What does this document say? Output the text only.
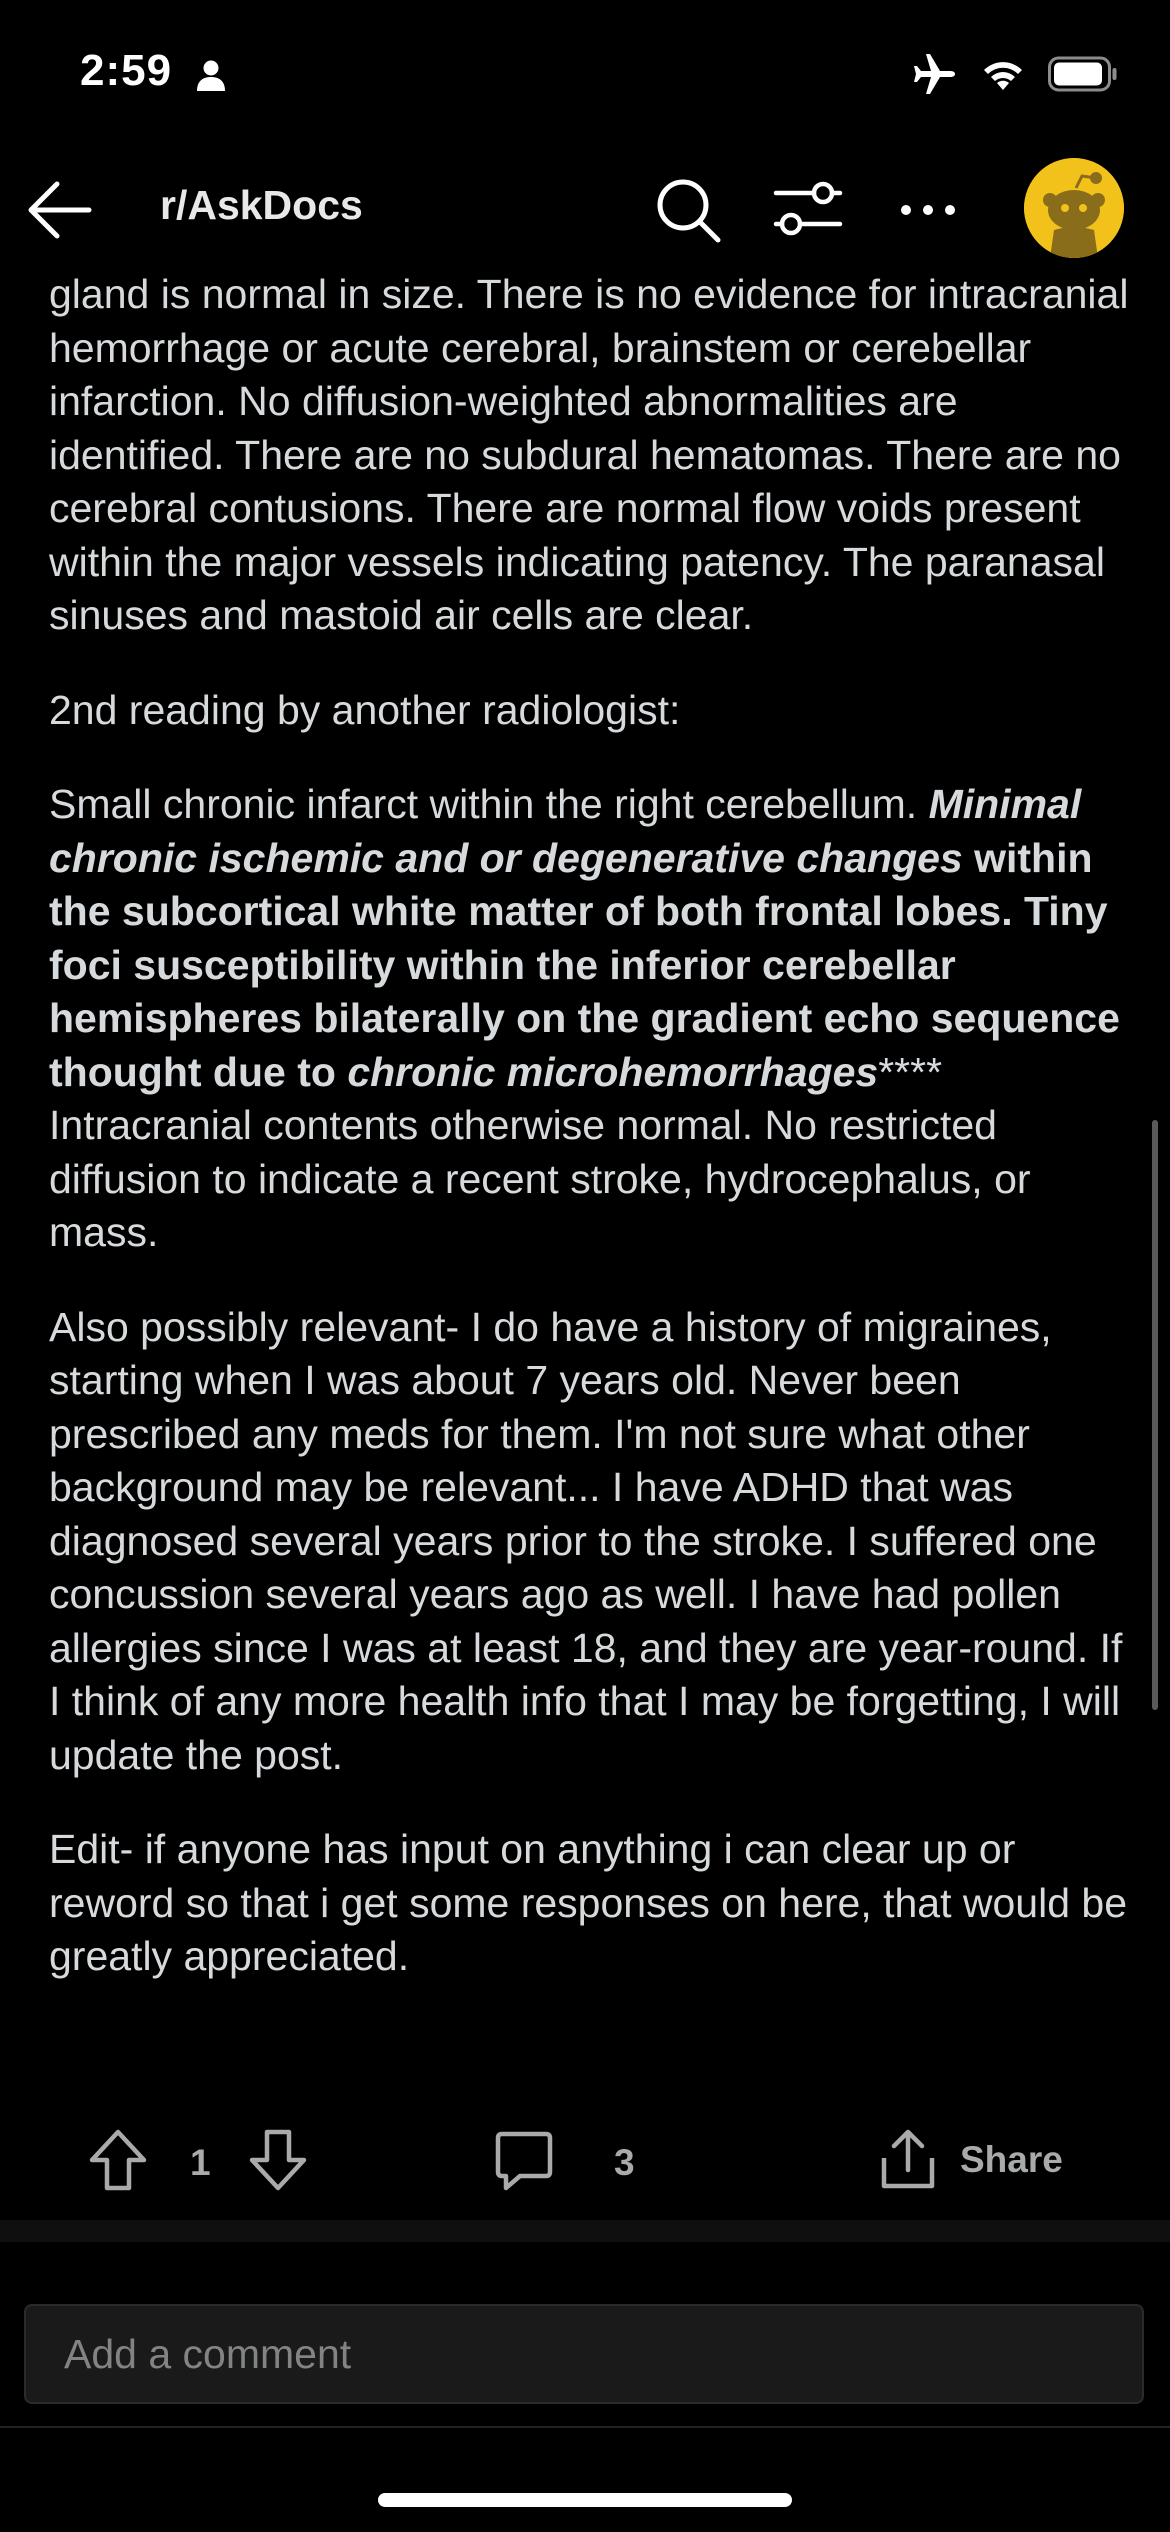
2:59
r/AskDocs

gland is normal in size. There is no evidence for intracranial hemorrhage or acute cerebral, brainstem or cerebellar infarction. No diffusion-weighted abnormalities are identified. There are no subdural hematomas. There are no cerebral contusions. There are normal flow voids present within the major vessels indicating patency. The paranasal sinuses and mastoid air cells are clear.

2nd reading by another radiologist:

Small chronic infarct within the right cerebellum. Minimal chronic ischemic and or degenerative changes within the subcortical white matter of both frontal lobes. Tiny foci susceptibility within the inferior cerebellar hemispheres bilaterally on the gradient echo sequence thought due to chronic microhemorrhages**** Intracranial contents otherwise normal. No restricted diffusion to indicate a recent stroke, hydrocephalus, or mass.

Also possibly relevant- I do have a history of migraines, starting when I was about 7 years old. Never been prescribed any meds for them. I'm not sure what other background may be relevant... I have ADHD that was diagnosed several years prior to the stroke. I suffered one concussion several years ago as well. I have had pollen allergies since I was at least 18, and they are year-round. If I think of any more health info that I may be forgetting, I will update the post.

Edit- if anyone has input on anything i can clear up or reword so that i get some responses on here, that would be greatly appreciated.

1	3	Share
Add a comment
